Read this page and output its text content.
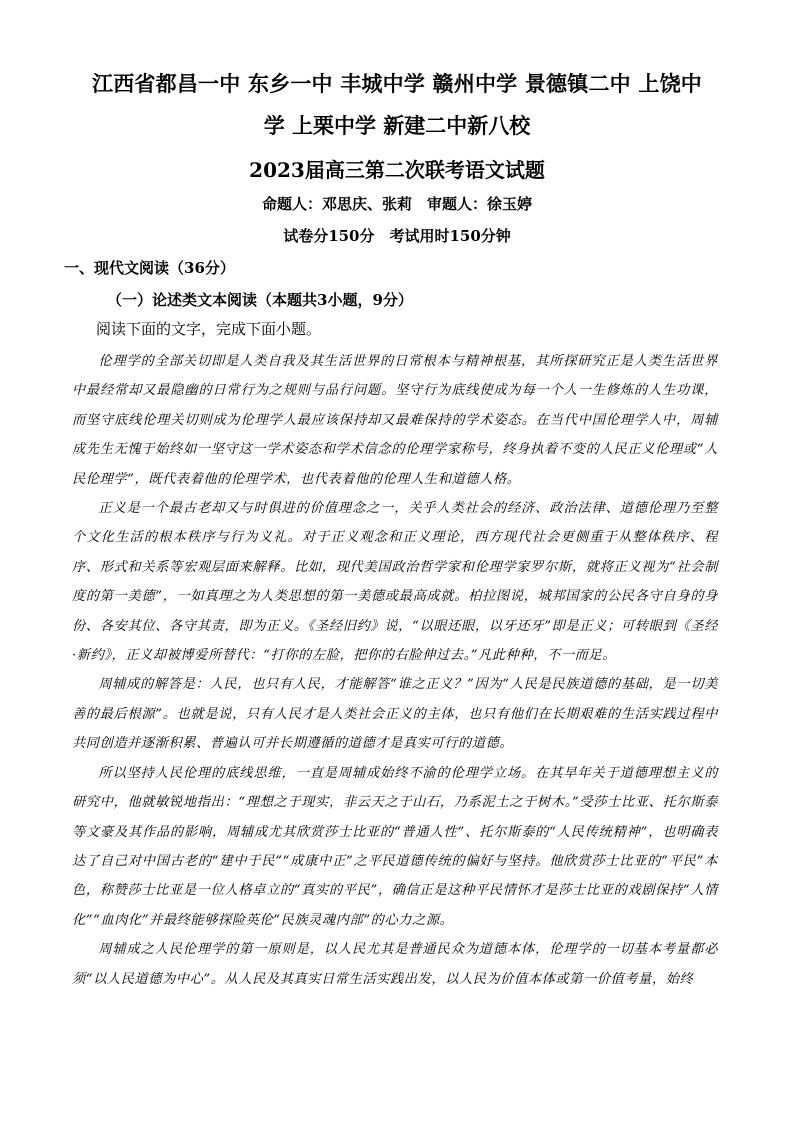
江西省都昌一中 东乡一中 丰城中学 赣州中学 景德镇二中 上饶中
学 上栗中学 新建二中新八校
2023届高三第二次联考语文试题
命题人：邓思庆、张莉　审题人：徐玉婷
试卷分150分　考试用时150分钟
一、现代文阅读（36分）
（一）论述类文本阅读（本题共3小题，9分）
阅读下面的文字，完成下面小题。

伦理学的全部关切即是人类自我及其生活世界的日常根本与精神根基，其所探研究正是人类生活世界中最经常却又最隐幽的日常行为之规则与品行问题。坚守行为底线使成为每一个人一生修炼的人生功课，而坚守底线伦理关切则成为伦理学人最应该保持却又最难保持的学术姿态。在当代中国伦理学人中，周辅成先生无愧于始终如一坚守这一学术姿态和学术信念的伦理学家称号，终身执着不变的人民正义伦理或“人民伦理学”，既代表着他的伦理学术，也代表着他的伦理人生和道德人格。

正义是一个最古老却又与时俱进的价值理念之一，关乎人类社会的经济、政治法律、道德伦理乃至整个文化生活的根本秩序与行为义礼。对于正义观念和正义理论，西方现代社会更侧重于从整体秩序、程序、形式和关系等宏观层面来解释。比如，现代美国政治哲学家和伦理学家罗尔斯，就将正义视为“社会制度的第一美德”，一如真理之为人类思想的第一美德或最高成就。柏拉图说，城邦国家的公民各守自身的身份、各安其位、各守其责，即为正义。《圣经旧约》说，“以眼还眼，以牙还牙”即是正义；可转眼到《圣经·新约》，正义却被博爱所替代：“打你的左脸，把你的右脸伸过去。”凡此种种，不一而足。

周辅成的解答是：人民，也只有人民，才能解答“谁之正义？”因为“人民是民族道德的基础，是一切美善的最后根源”。也就是说，只有人民才是人类社会正义的主体，也只有他们在长期艰难的生活实践过程中共同创造并逐渐积累、普遍认可并长期遵循的道德才是真实可行的道德。

所以坚持人民伦理的底线思维，一直是周辅成始终不渝的伦理学立场。在其早年关于道德理想主义的研究中，他就敏锐地指出：“理想之于现实，非云天之于山石，乃系泥土之于树木。”受莎士比亚、托尔斯泰等文豪及其作品的影响，周辅成尤其欣赏莎士比亚的“普通人性”、托尔斯泰的“人民传统精神”，也明确表达了自己对中国古老的“建中于民”“成康中正”之平民道德传统的偏好与坚持。他欣赏莎士比亚的“平民”本色，称赞莎士比亚是一位人格卓立的“真实的平民”，确信正是这种平民情怀才是莎士比亚的戏剧保持“人情化”“血肉化”并最终能够探险英伦“民族灵魂内部”的心力之源。

周辅成之人民伦理学的第一原则是，以人民尤其是普通民众为道德本体，伦理学的一切基本考量都必须“以人民道德为中心”。从人民及其真实日常生活实践出发，以人民为价值本体或第一价值考量，始终
